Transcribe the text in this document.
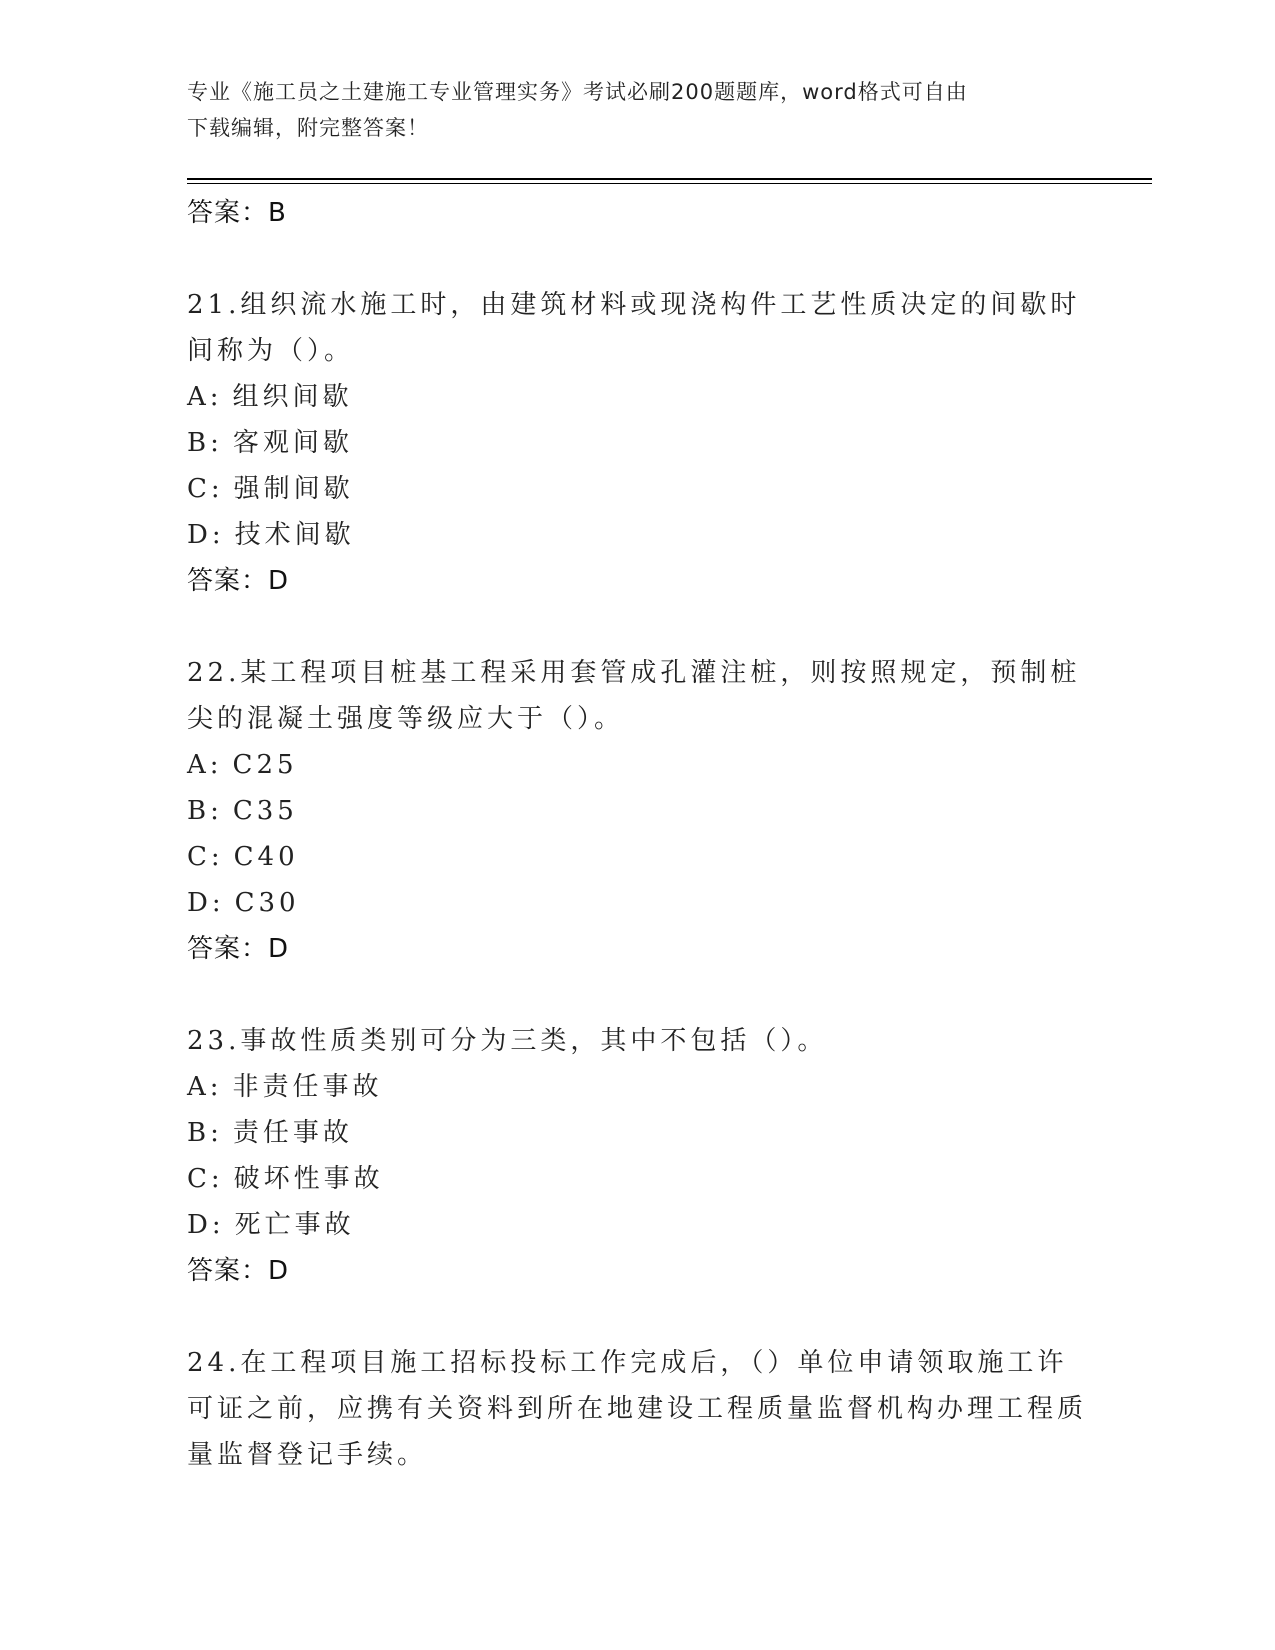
专业《施工员之土建施工专业管理实务》考试必刷200题题库，word格式可自由
下载编辑，附完整答案！

答案：B

21.组织流水施工时，由建筑材料或现浇构件工艺性质决定的间歇时间称为（）。

A: 组织间歇

B: 客观间歇

C: 强制间歇

D: 技术间歇

答案：D

22.某工程项目桩基工程采用套管成孔灌注桩，则按照规定，预制桩尖的混凝土强度等级应大于（）。

A: C25

B: C35

C: C40

D: C30

答案：D

23.事故性质类别可分为三类，其中不包括（）。

A: 非责任事故

B: 责任事故

C: 破坏性事故

D: 死亡事故

答案：D

24.在工程项目施工招标投标工作完成后，（）单位申请领取施工许可证之前，应携有关资料到所在地建设工程质量监督机构办理工程质量监督登记手续。
